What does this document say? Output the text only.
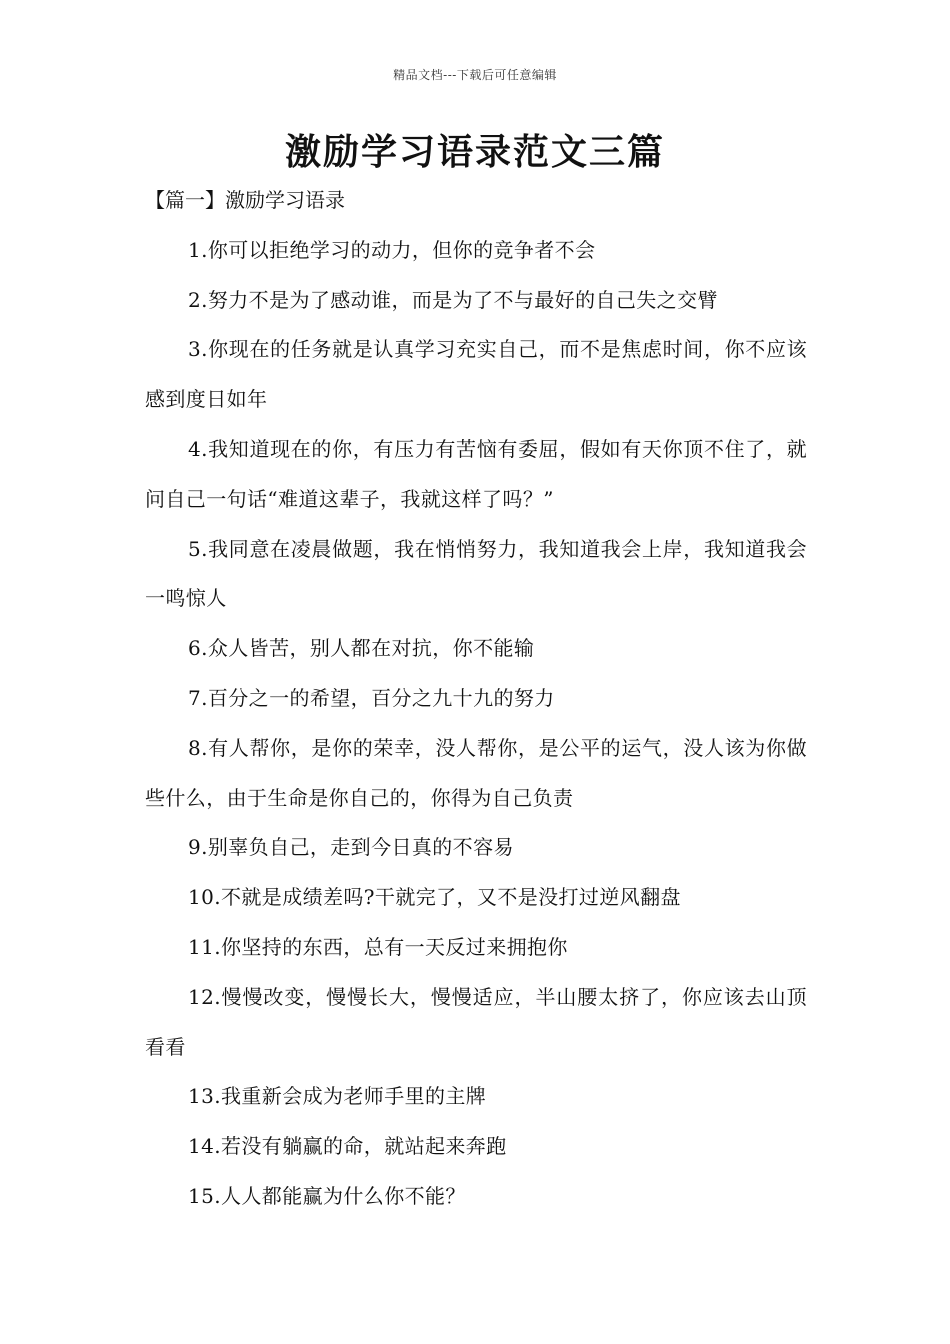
精品文档---下载后可任意编辑
激励学习语录范文三篇
【篇一】激励学习语录

1.你可以拒绝学习的动力，但你的竞争者不会

2.努力不是为了感动谁，而是为了不与最好的自己失之交臂

3.你现在的任务就是认真学习充实自己，而不是焦虑时间，你不应该感到度日如年

4.我知道现在的你，有压力有苦恼有委屈，假如有天你顶不住了，就问自己一句话“难道这辈子，我就这样了吗？”

5.我同意在凌晨做题，我在悄悄努力，我知道我会上岸，我知道我会一鸣惊人

6.众人皆苦，别人都在对抗，你不能输

7.百分之一的希望，百分之九十九的努力

8.有人帮你，是你的荣幸，没人帮你，是公平的运气，没人该为你做些什么，由于生命是你自己的，你得为自己负责

9.别辜负自己，走到今日真的不容易

10.不就是成绩差吗?干就完了，又不是没打过逆风翻盘

11.你坚持的东西，总有一天反过来拥抱你

12.慢慢改变，慢慢长大，慢慢适应，半山腰太挤了，你应该去山顶看看

13.我重新会成为老师手里的主牌

14.若没有躺赢的命，就站起来奔跑

15.人人都能赢为什么你不能？
